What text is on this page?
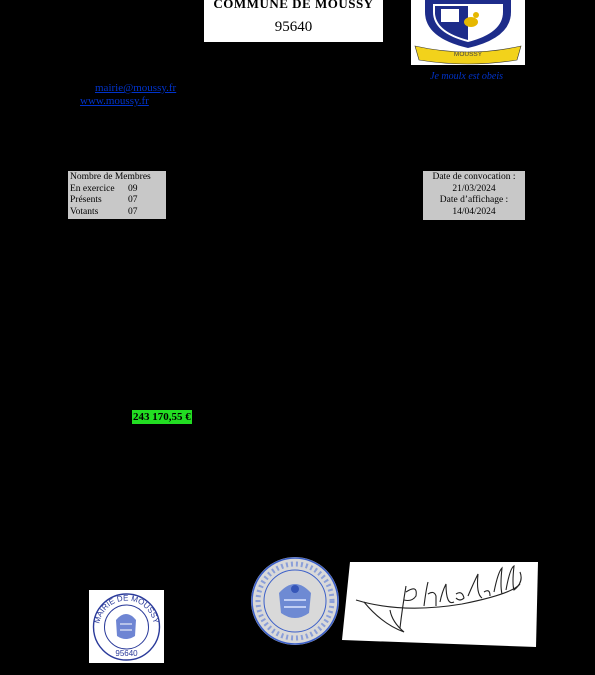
COMMUNE DE MOUSSY
95640
MOUSSY
Je moulx est obeis
mairie@moussy.fr
www.moussy.fr
Nombre de Membres
En exercice	09
Présents	07
Votants	07
Date de convocation :
21/03/2024
Date d’affichage :
14/04/2024
243 170,55 €
MAIRIE DE MOUSSY
95640
